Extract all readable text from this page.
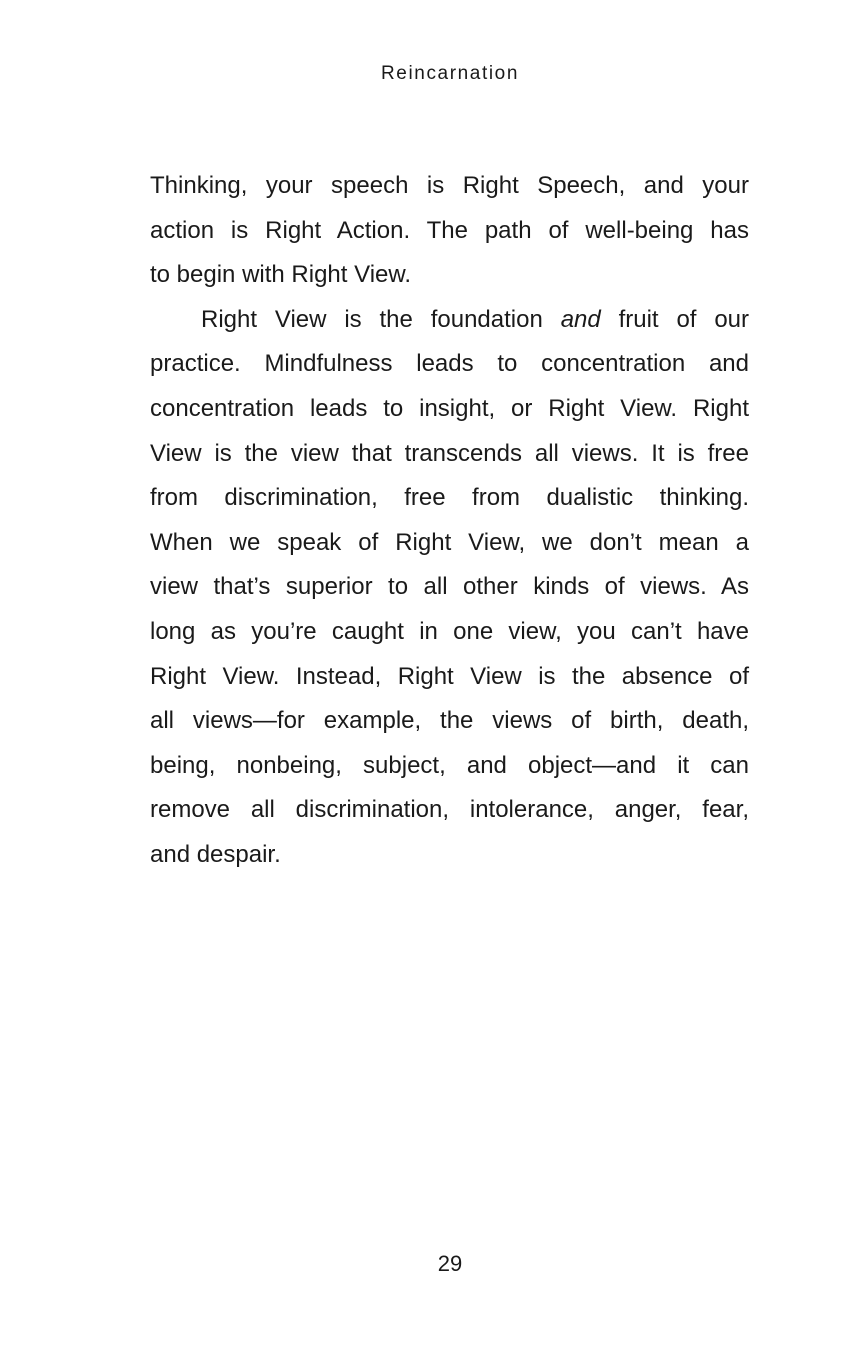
Reincarnation
Thinking, your speech is Right Speech, and your
action is Right Action. The path of well-being has
to begin with Right View.
Right View is the foundation and fruit of our
practice. Mindfulness leads to concentration and
concentration leads to insight, or Right View. Right
View is the view that transcends all views. It is free
from discrimination, free from dualistic thinking.
When we speak of Right View, we don’t mean a
view that’s superior to all other kinds of views. As
long as you’re caught in one view, you can’t have
Right View. Instead, Right View is the absence of
all views—for example, the views of birth, death,
being, nonbeing, subject, and object—and it can
remove all discrimination, intolerance, anger, fear,
and despair.
29
